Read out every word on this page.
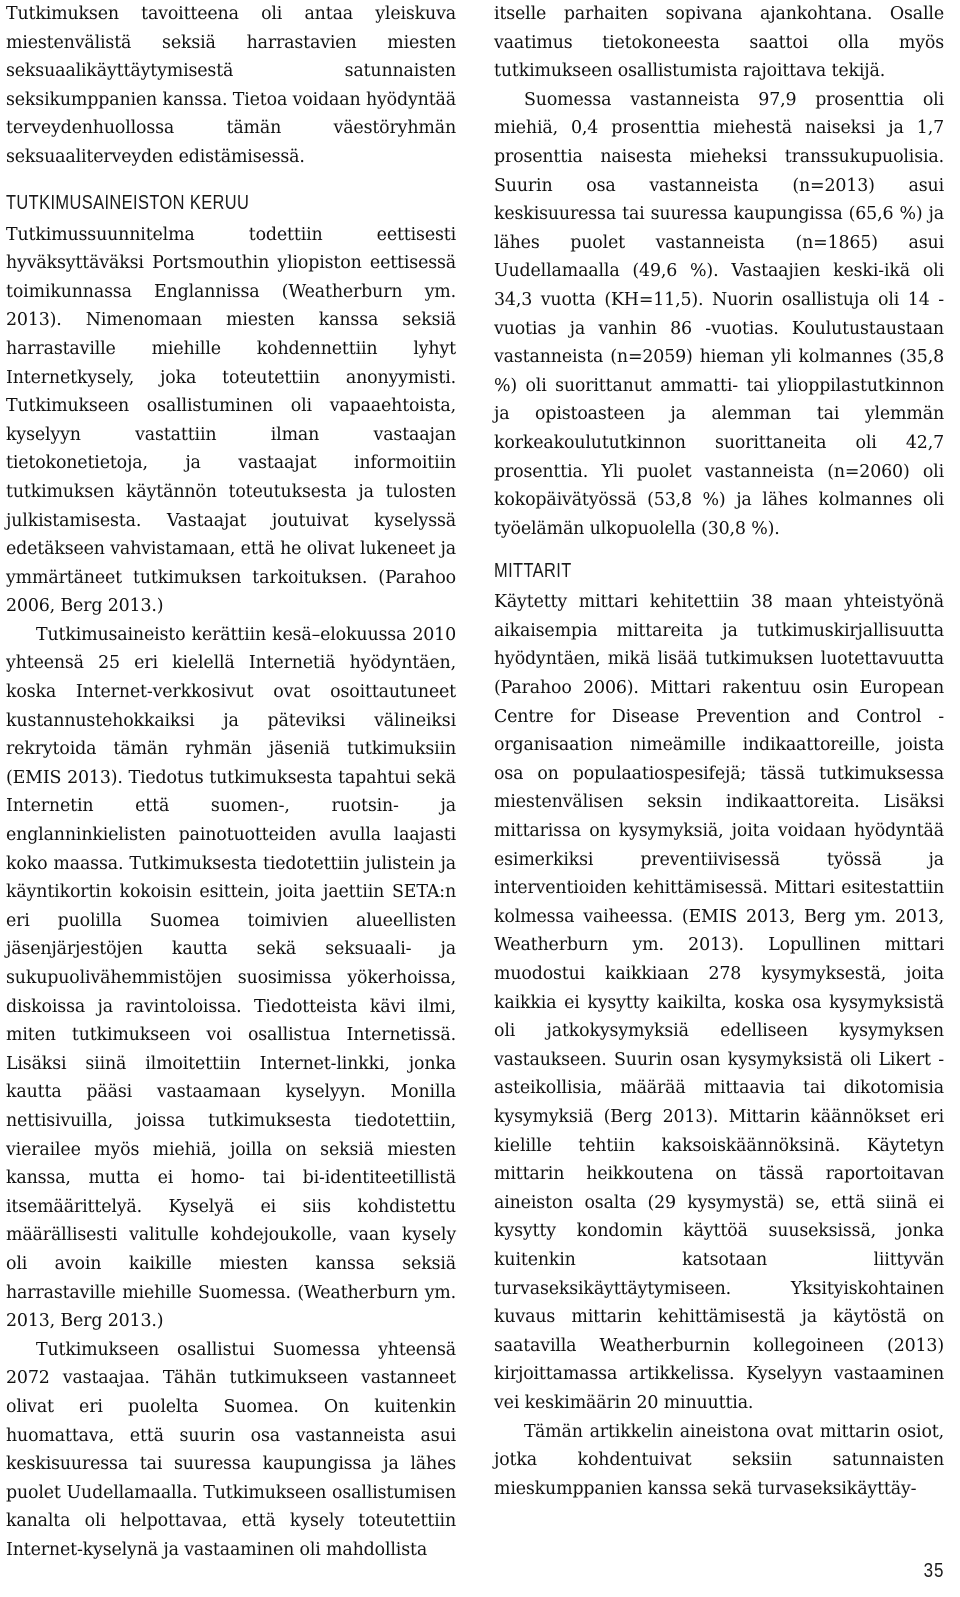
Tutkimuksen tavoitteena oli antaa yleiskuva miestenvälistä seksiä harrastavien miesten seksuaalikäyttäytymisestä satunnaisten seksikumppanien kanssa. Tietoa voidaan hyödyntää terveydenhuollossa tämän väestöryhmän seksuaaliterveyden edistämisessä.

TUTKIMUSAINEISTON KERUU

Tutkimussuunnitelma todettiin eettisesti hyväksyttäväksi Portsmouthin yliopiston eettisessä toimikunnassa Englannissa (Weatherburn ym. 2013). Nimenomaan miesten kanssa seksiä harrastaville miehille kohdennettiin lyhyt Internetkysely, joka toteutettiin anonyymisti. Tutkimukseen osallistuminen oli vapaaehtoista, kyselyyn vastattiin ilman vastaajan tietokonetietoja, ja vastaajat informoitiin tutkimuksen käytännön toteutuksesta ja tulosten julkistamisesta. Vastaajat joutuivat kyselyssä edetäkseen vahvistamaan, että he olivat lukeneet ja ymmärtäneet tutkimuksen tarkoituksen. (Parahoo 2006, Berg 2013.)

Tutkimusaineisto kerättiin kesä–elokuussa 2010 yhteensä 25 eri kielellä Internetiä hyödyntäen, koska Internet-verkkosivut ovat osoittautuneet kustannustehokkaiksi ja päteviksi välineiksi rekrytoida tämän ryhmän jäseniä tutkimuksiin (EMIS 2013). Tiedotus tutkimuksesta tapahtui sekä Internetin että suomen-, ruotsin- ja englanninkielisten painotuotteiden avulla laajasti koko maassa. Tutkimuksesta tiedotettiin julistein ja käyntikortin kokoisin esittein, joita jaettiin SETA:n eri puolilla Suomea toimivien alueellisten jäsenjärjestöjen kautta sekä seksuaali- ja sukupuolivähemmistöjen suosimissa yökerhoissa, diskoissa ja ravintoloissa. Tiedotteista kävi ilmi, miten tutkimukseen voi osallistua Internetissä. Lisäksi siinä ilmoitettiin Internet-linkki, jonka kautta pääsi vastaamaan kyselyyn. Monilla nettisivuilla, joissa tutkimuksesta tiedotettiin, vierailee myös miehiä, joilla on seksiä miesten kanssa, mutta ei homo- tai bi-identiteetillistä itsemäärittelyä. Kyselyä ei siis kohdistettu määrällisesti valitulle kohdejoukolle, vaan kysely oli avoin kaikille miesten kanssa seksiä harrastaville miehille Suomessa. (Weatherburn ym. 2013, Berg 2013.)

Tutkimukseen osallistui Suomessa yhteensä 2072 vastaajaa. Tähän tutkimukseen vastanneet olivat eri puolelta Suomea. On kuitenkin huomattava, että suurin osa vastanneista asui keskisuuressa tai suuressa kaupungissa ja lähes puolet Uudellamaalla. Tutkimukseen osallistumisen kanalta oli helpottavaa, että kysely toteutettiin Internet-kyselynä ja vastaaminen oli mahdollista

itselle parhaiten sopivana ajankohtana. Osalle vaatimus tietokoneesta saattoi olla myös tutkimukseen osallistumista rajoittava tekijä.

Suomessa vastanneista 97,9 prosenttia oli miehiä, 0,4 prosenttia miehestä naiseksi ja 1,7 prosenttia naisesta mieheksi transsukupuolisia. Suurin osa vastanneista (n=2013) asui keskisuuressa tai suuressa kaupungissa (65,6 %) ja lähes puolet vastanneista (n=1865) asui Uudellamaalla (49,6 %). Vastaajien keski-ikä oli 34,3 vuotta (KH=11,5). Nuorin osallistuja oli 14 -vuotias ja vanhin 86 -vuotias. Koulutustaustaan vastanneista (n=2059) hieman yli kolmannes (35,8 %) oli suorittanut ammatti- tai ylioppilastutkinnon ja opistoasteen ja alemman tai ylemmän korkeakoulututkinnon suorittaneita oli 42,7 prosenttia. Yli puolet vastanneista (n=2060) oli kokopäivätyössä (53,8 %) ja lähes kolmannes oli työelämän ulkopuolella (30,8 %).

MITTARIT

Käytetty mittari kehitettiin 38 maan yhteistyönä aikaisempia mittareita ja tutkimuskirjallisuutta hyödyntäen, mikä lisää tutkimuksen luotettavuutta (Parahoo 2006). Mittari rakentuu osin European Centre for Disease Prevention and Control -organisaation nimeämille indikaattoreille, joista osa on populaatiospesifejä; tässä tutkimuksessa miestenvälisen seksin indikaattoreita. Lisäksi mittarissa on kysymyksiä, joita voidaan hyödyntää esimerkiksi preventiivisessä työssä ja interventioiden kehittämisessä. Mittari esitestattiin kolmessa vaiheessa. (EMIS 2013, Berg ym. 2013, Weatherburn ym. 2013). Lopullinen mittari muodostui kaikkiaan 278 kysymyksestä, joita kaikkia ei kysytty kaikilta, koska osa kysymyksistä oli jatkokysymyksiä edelliseen kysymyksen vastaukseen. Suurin osan kysymyksistä oli Likert -asteikollisia, määrää mittaavia tai dikotomisia kysymyksiä (Berg 2013). Mittarin käännökset eri kielille tehtiin kaksoiskäännöksinä. Käytetyn mittarin heikkoutena on tässä raportoitavan aineiston osalta (29 kysymystä) se, että siinä ei kysytty kondomin käyttöä suuseksissä, jonka kuitenkin katsotaan liittyvän turvaseksikäyttäytymiseen. Yksityiskohtainen kuvaus mittarin kehittämisestä ja käytöstä on saatavilla Weatherburnin kollegoineen (2013) kirjoittamassa artikkelissa. Kyselyyn vastaaminen vei keskimäärin 20 minuuttia.

Tämän artikkelin aineistona ovat mittarin osiot, jotka kohdentuivat seksiin satunnaisten mieskumppanien kanssa sekä turvaseksikäyttäy-

35
